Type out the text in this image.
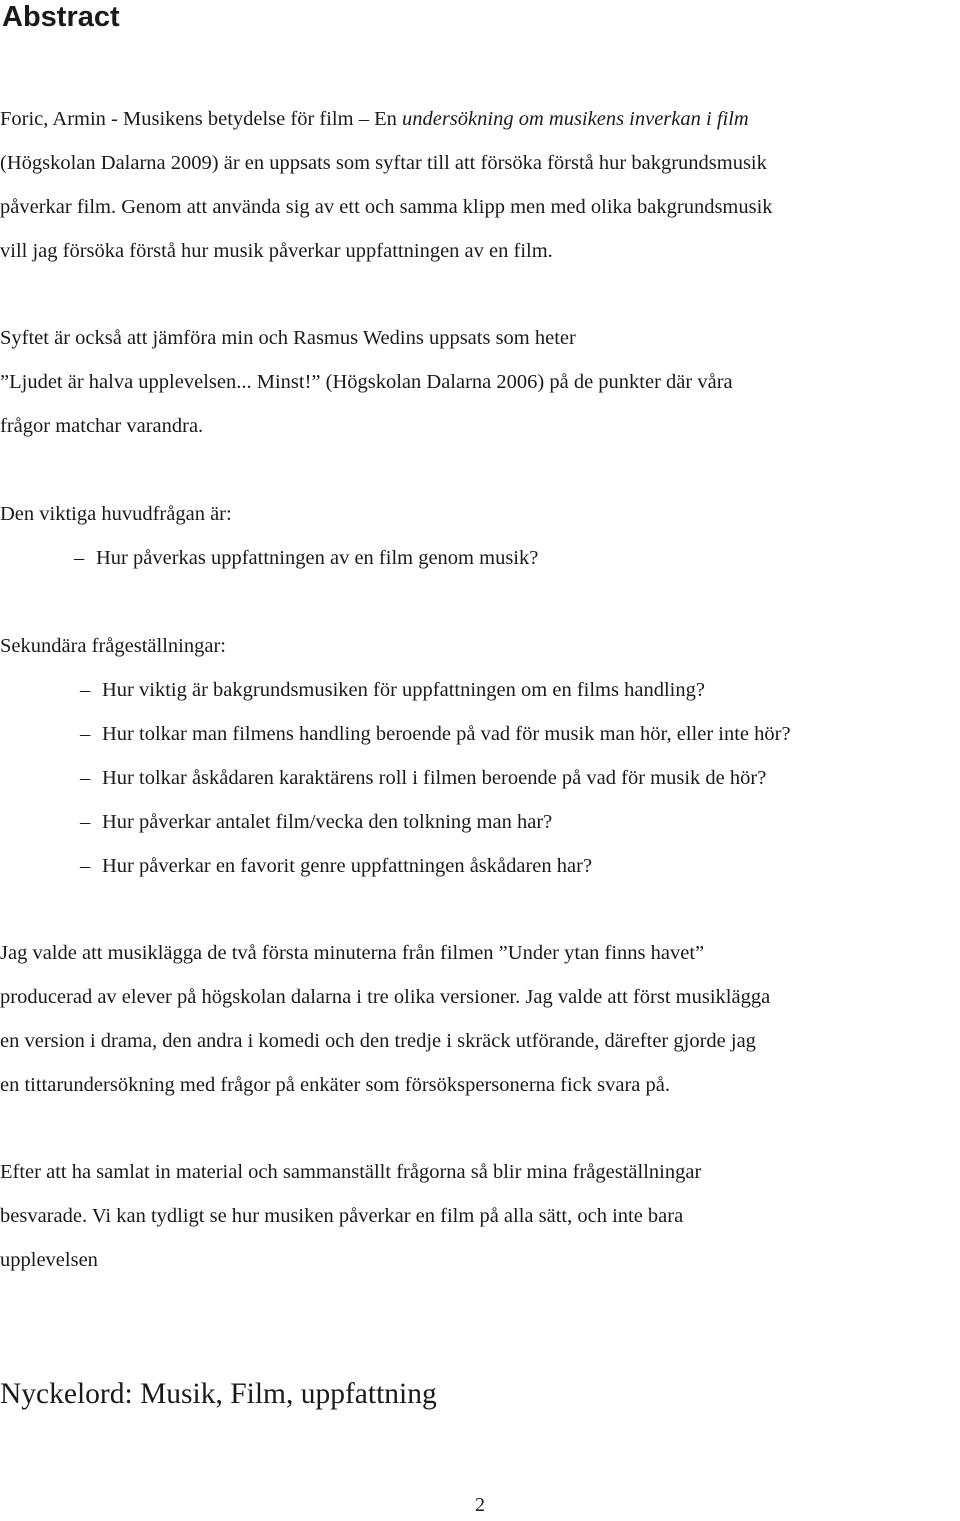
Abstract

Foric, Armin - Musikens betydelse för film – En undersökning om musikens inverkan i film
(Högskolan Dalarna 2009) är en uppsats som syftar till att försöka förstå hur bakgrundsmusik
påverkar film. Genom att använda sig av ett och samma klipp men med olika bakgrundsmusik
vill jag försöka förstå hur musik påverkar uppfattningen av en film.

Syftet är också att jämföra min och Rasmus Wedins uppsats som heter
”Ljudet är halva upplevelsen... Minst!” (Högskolan Dalarna 2006) på de punkter där våra
frågor matchar varandra.

Den viktiga huvudfrågan är:
– Hur påverkas uppfattningen av en film genom musik?

Sekundära frågeställningar:
– Hur viktig är bakgrundsmusiken för uppfattningen om en films handling?
– Hur tolkar man filmens handling beroende på vad för musik man hör, eller inte hör?
– Hur tolkar åskådaren karaktärens roll i filmen beroende på vad för musik de hör?
– Hur påverkar antalet film/vecka den tolkning man har?
– Hur påverkar en favorit genre uppfattningen åskådaren har?

Jag valde att musiklägga de två första minuterna från filmen ”Under ytan finns havet”
producerad av elever på högskolan dalarna i tre olika versioner. Jag valde att först musiklägga
en version i drama, den andra i komedi och den tredje i skräck utförande, därefter gjorde jag
en tittarundersökning med frågor på enkäter som försökspersonerna fick svara på.

Efter att ha samlat in material och sammanställt frågorna så blir mina frågeställningar
besvarade. Vi kan tydligt se hur musiken påverkar en film på alla sätt, och inte bara
upplevelsen

Nyckelord: Musik, Film, uppfattning

2
